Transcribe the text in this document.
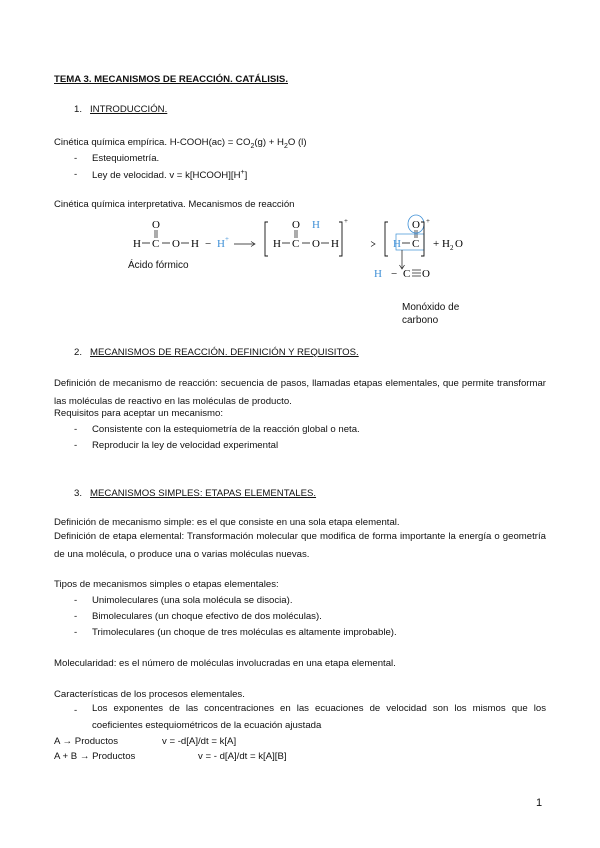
TEMA 3. MECANISMOS DE REACCIÓN. CATÁLISIS.
1. INTRODUCCIÓN.
Cinética química empírica. H-COOH(ac) = $CO_2(g) + H_2O$ (l)
- Estequiometría.
- Ley de velocidad. v = k[HCOOH][H+]
Cinética química interpretativa. Mecanismos de reacción
H C
O
O H − H +	H C
O H
O H
+
H C
O +
+ H 2 O
H − C O
Ácido fórmico
Monóxido de
carbono
2. MECANISMOS DE REACCIÓN. DEFINICIÓN Y REQUISITOS.
Definición de mecanismo de reacción: secuencia de pasos, llamadas etapas elementales, que permite transformar las moléculas de reactivo en las moléculas de producto.
Requisitos para aceptar un mecanismo:
- Consistente con la estequiometría de la reacción global o neta.
- Reproducir la ley de velocidad experimental
3. MECANISMOS SIMPLES: ETAPAS ELEMENTALES.
Definición de mecanismo simple: es el que consiste en una sola etapa elemental.
Definición de etapa elemental: Transformación molecular que modifica de forma importante la energía o geometría de una molécula, o produce una o varias moléculas nuevas.
Tipos de mecanismos simples o etapas elementales:
- Unimoleculares (una sola molécula se disocia).
- Bimoleculares (un choque efectivo de dos moléculas).
- Trimoleculares (un choque de tres moléculas es altamente improbable).
Molecularidad: es el número de moléculas involucradas en una etapa elemental.
Características de los procesos elementales.
- Los exponentes de las concentraciones en las ecuaciones de velocidad son los mismos que los coeficientes estequiométricos de la ecuación ajustada
A → Productos	v = -d[A]/dt = k[A]
A + B → Productos	v = - d[A]/dt = k[A][B]
1
